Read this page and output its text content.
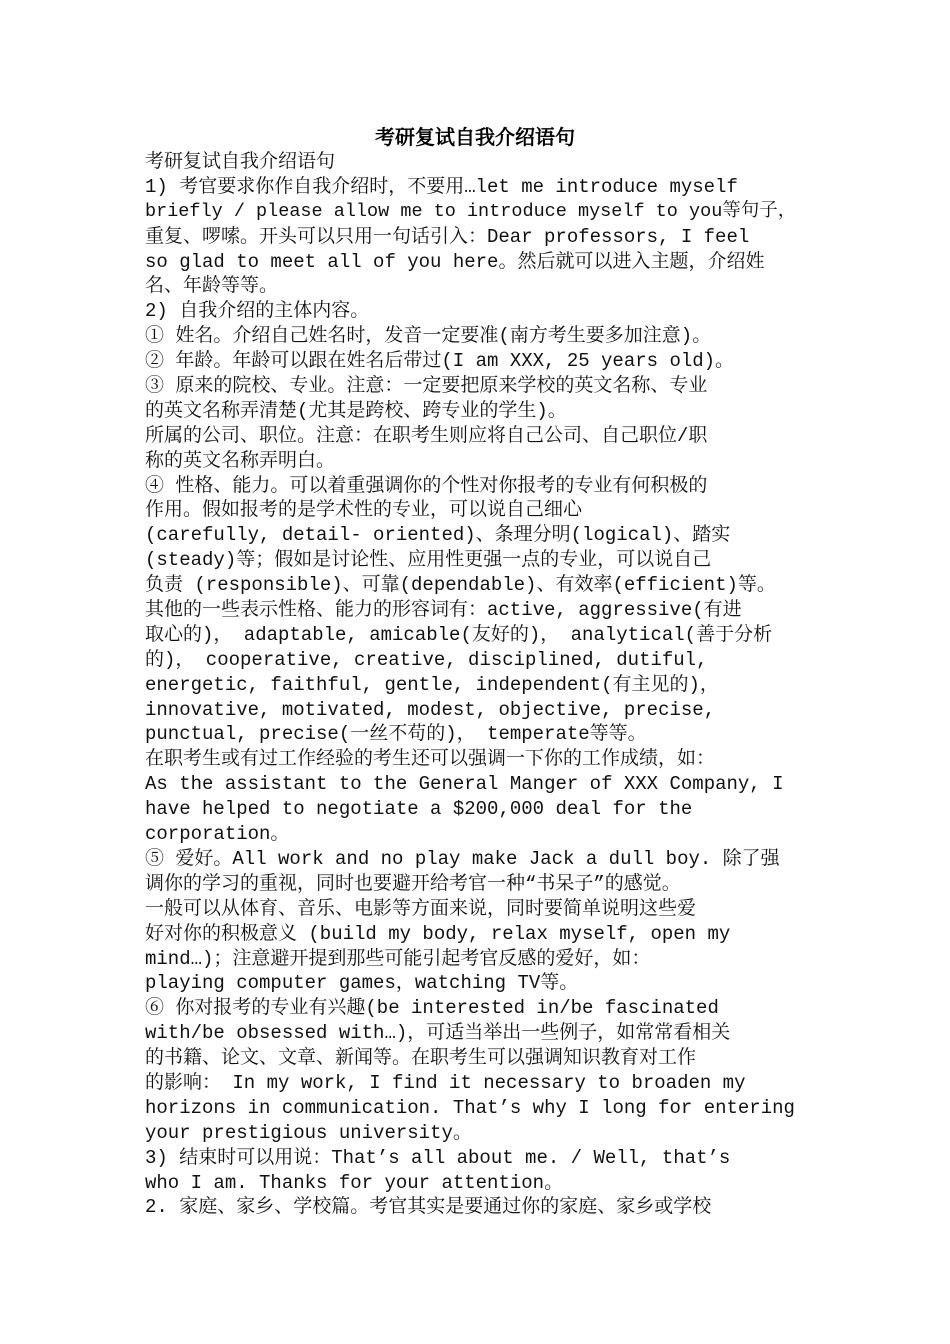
考研复试自我介绍语句
考研复试自我介绍语句
1) 考官要求你作自我介绍时，不要用…let me introduce myself
briefly / please allow me to introduce myself to you等句子，
重复、啰嗦。开头可以只用一句话引入：Dear professors, I feel
so glad to meet all of you here。然后就可以进入主题，介绍姓
名、年龄等等。
2) 自我介绍的主体内容。
① 姓名。介绍自己姓名时，发音一定要准(南方考生要多加注意)。
② 年龄。年龄可以跟在姓名后带过(I am XXX, 25 years old)。
③ 原来的院校、专业。注意：一定要把原来学校的英文名称、专业
的英文名称弄清楚(尤其是跨校、跨专业的学生)。
所属的公司、职位。注意：在职考生则应将自己公司、自己职位/职
称的英文名称弄明白。
④ 性格、能力。可以着重强调你的个性对你报考的专业有何积极的
作用。假如报考的是学术性的专业，可以说自己细心
(carefully, detail- oriented)、条理分明(logical)、踏实
(steady)等；假如是讨论性、应用性更强一点的专业，可以说自己
负责 (responsible)、可靠(dependable)、有效率(efficient)等。
其他的一些表示性格、能力的形容词有：active, aggressive(有进
取心的)， adaptable, amicable(友好的)， analytical(善于分析
的)， cooperative, creative, disciplined, dutiful,
energetic, faithful, gentle, independent(有主见的)，
innovative, motivated, modest, objective, precise,
punctual, precise(一丝不苟的)， temperate等等。
在职考生或有过工作经验的考生还可以强调一下你的工作成绩，如：
As the assistant to the General Manger of XXX Company, I
have helped to negotiate a $200,000 deal for the
corporation。
⑤ 爱好。All work and no play make Jack a dull boy. 除了强
调你的学习的重视，同时也要避开给考官一种“书呆子”的感觉。
一般可以从体育、音乐、电影等方面来说，同时要简单说明这些爱
好对你的积极意义 (build my body, relax myself, open my
mind…)；注意避开提到那些可能引起考官反感的爱好，如：
playing computer games，watching TV等。
⑥ 你对报考的专业有兴趣(be interested in/be fascinated
with/be obsessed with…)，可适当举出一些例子，如常常看相关
的书籍、论文、文章、新闻等。在职考生可以强调知识教育对工作
的影响： In my work, I find it necessary to broaden my
horizons in communication. That’s why I long for entering
your prestigious university。
3) 结束时可以用说：That’s all about me. / Well, that’s
who I am. Thanks for your attention。
2. 家庭、家乡、学校篇。考官其实是要通过你的家庭、家乡或学校
